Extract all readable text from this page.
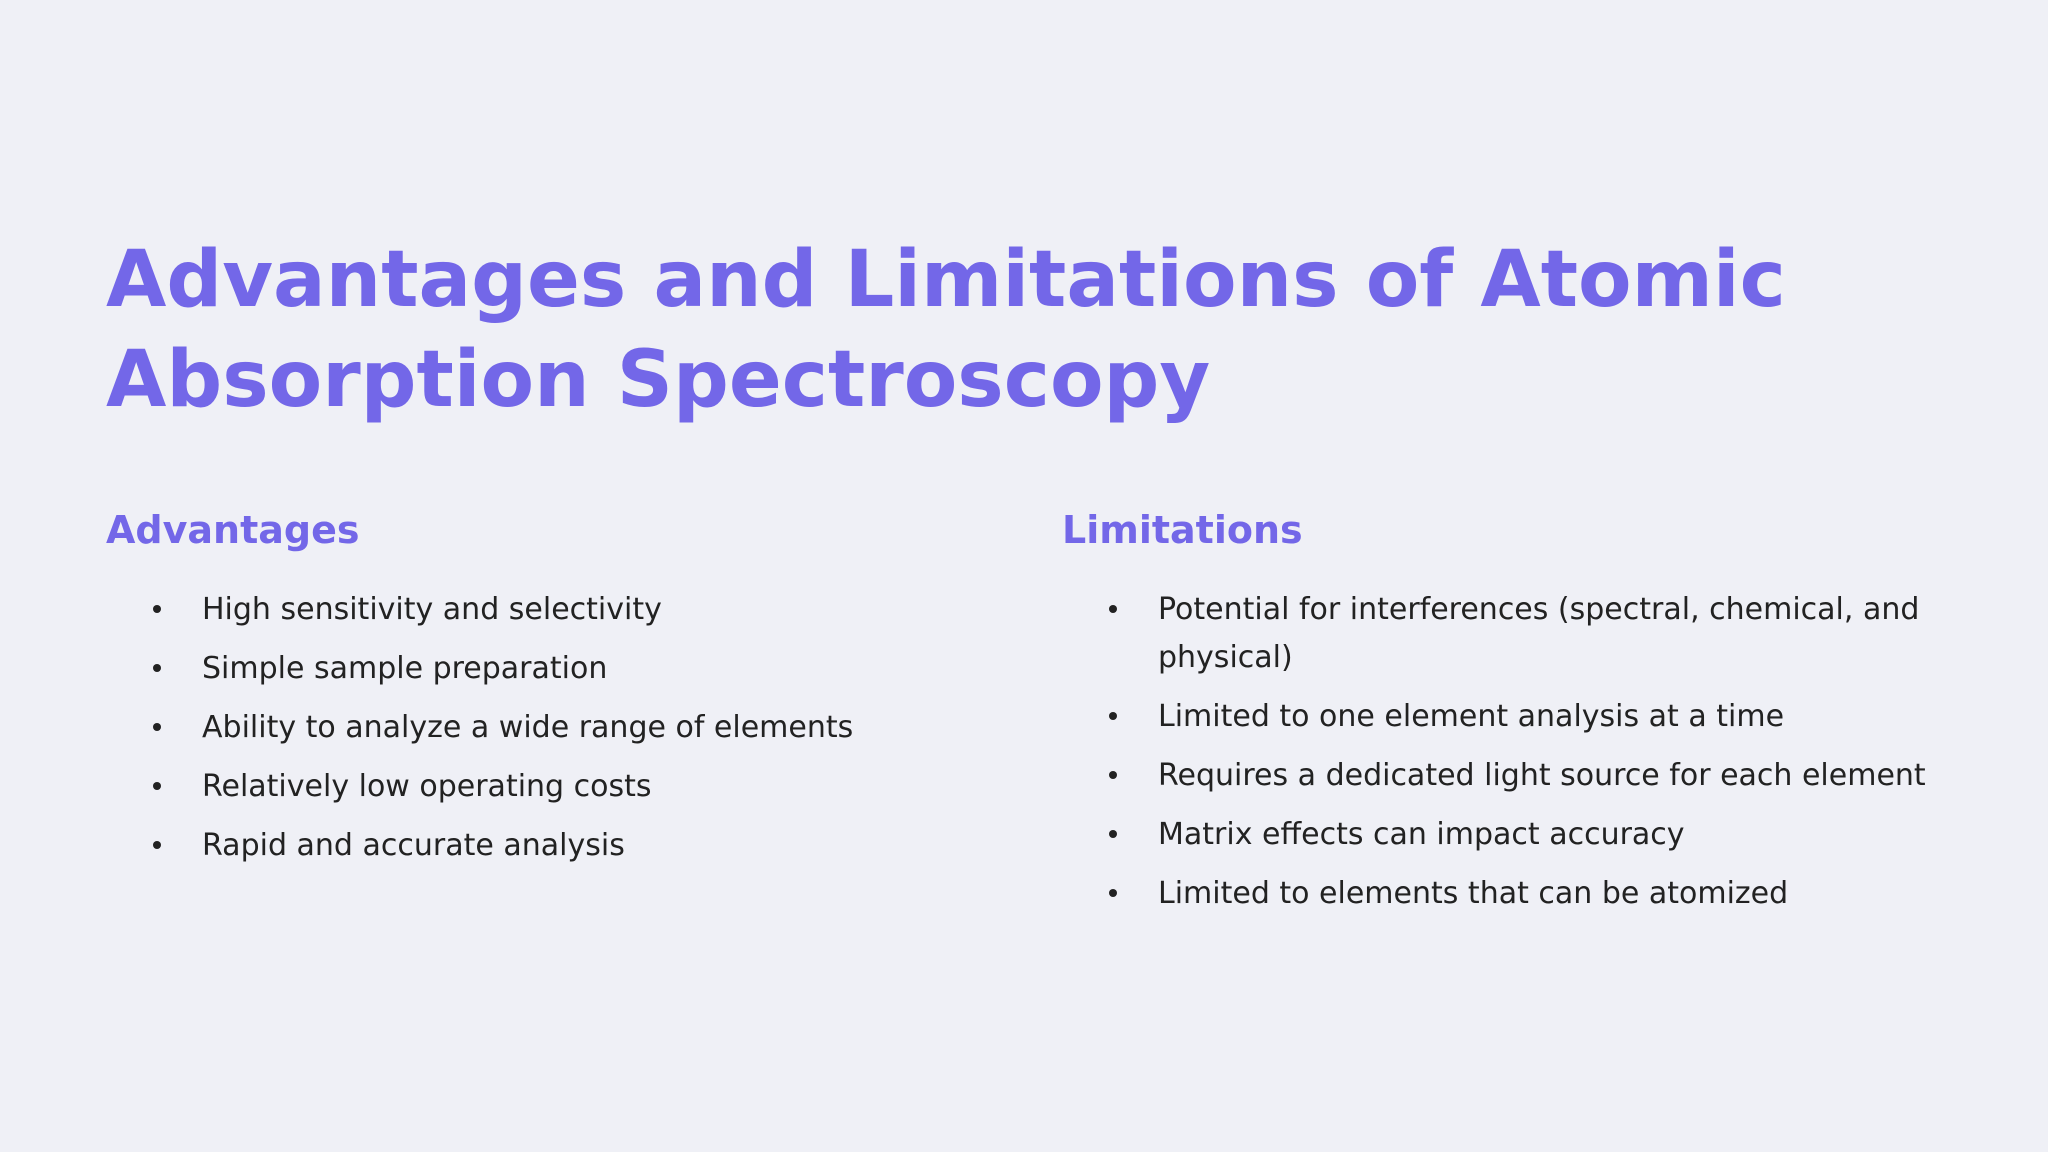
Advantages and Limitations of Atomic Absorption Spectroscopy
Advantages
High sensitivity and selectivity
Simple sample preparation
Ability to analyze a wide range of elements
Relatively low operating costs
Rapid and accurate analysis
Limitations
Potential for interferences (spectral, chemical, and physical)
Limited to one element analysis at a time
Requires a dedicated light source for each element
Matrix effects can impact accuracy
Limited to elements that can be atomized
